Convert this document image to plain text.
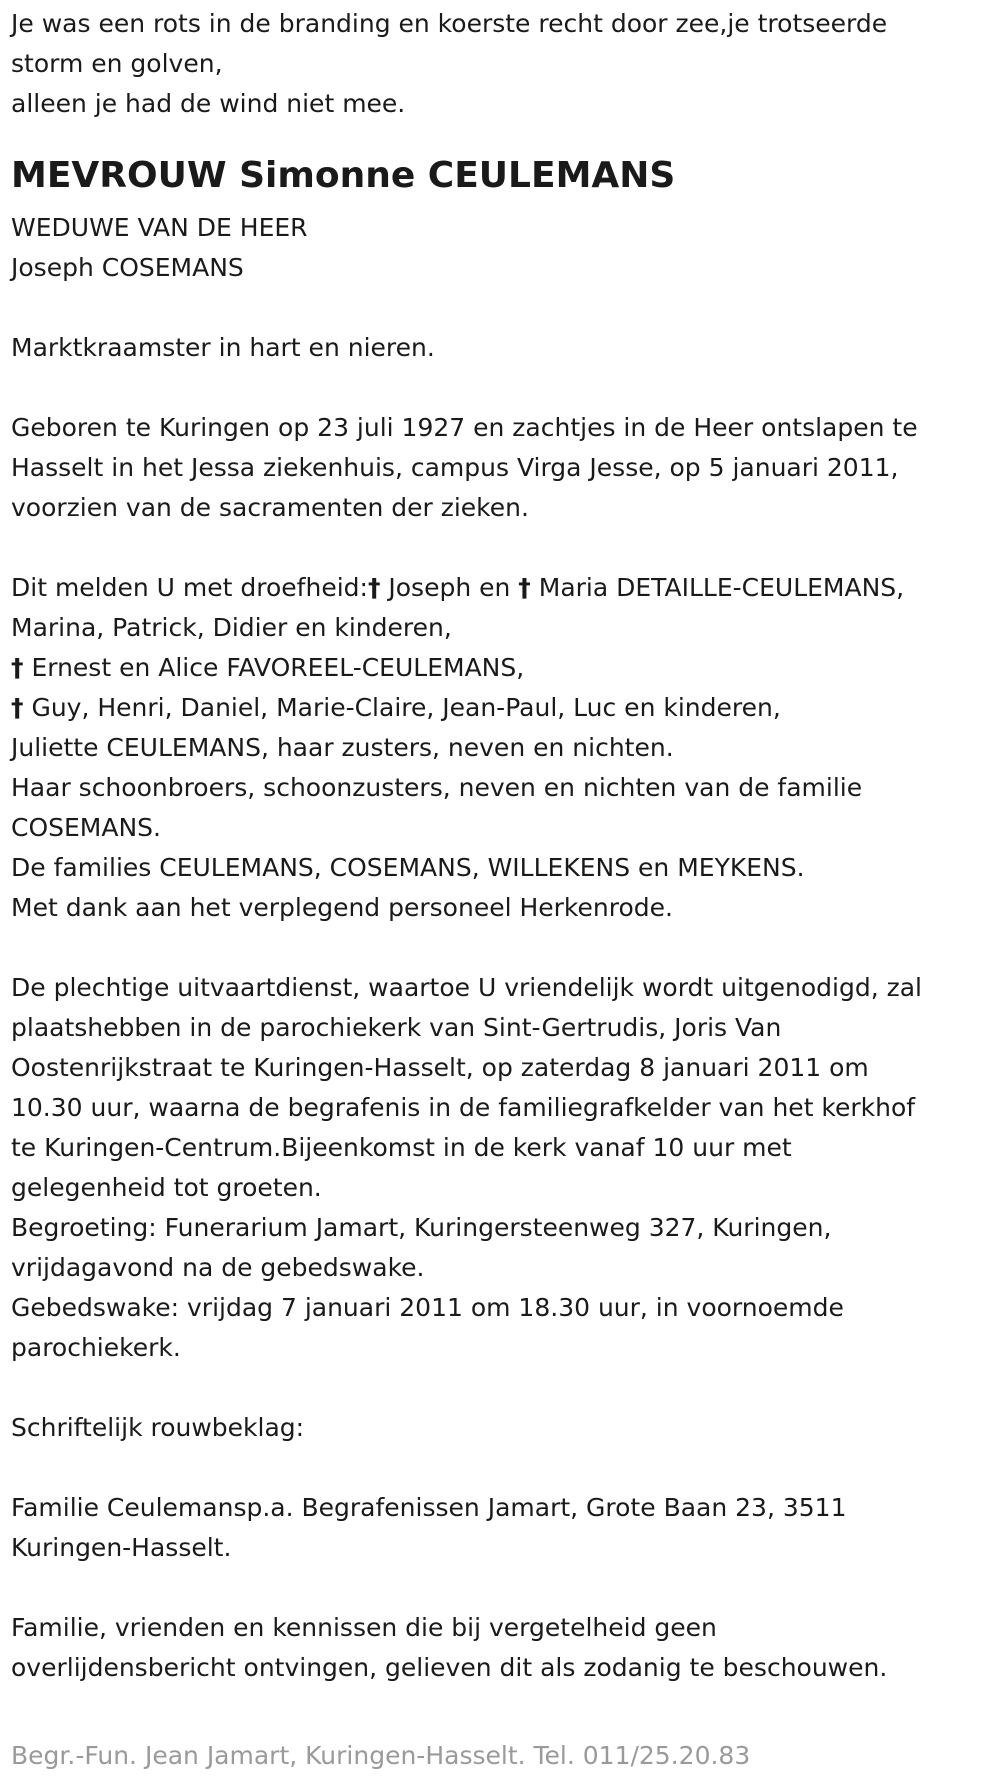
Je was een rots in de branding en koerste recht door zee,je trotseerde
storm en golven,
alleen je had de wind niet mee.
MEVROUW Simonne CEULEMANS
WEDUWE VAN DE HEER
Joseph COSEMANS
Marktkraamster in hart en nieren.
Geboren te Kuringen op 23 juli 1927 en zachtjes in de Heer ontslapen te
Hasselt in het Jessa ziekenhuis, campus Virga Jesse, op 5 januari 2011,
voorzien van de sacramenten der zieken.
Dit melden U met droefheid:† Joseph en † Maria DETAILLE-CEULEMANS,
Marina, Patrick, Didier en kinderen,
† Ernest en Alice FAVOREEL-CEULEMANS,
† Guy, Henri, Daniel, Marie-Claire, Jean-Paul, Luc en kinderen,
Juliette CEULEMANS, haar zusters, neven en nichten.
Haar schoonbroers, schoonzusters, neven en nichten van de familie
COSEMANS.
De families CEULEMANS, COSEMANS, WILLEKENS en MEYKENS.
Met dank aan het verplegend personeel Herkenrode.
De plechtige uitvaartdienst, waartoe U vriendelijk wordt uitgenodigd, zal
plaatshebben in de parochiekerk van Sint-Gertrudis, Joris Van
Oostenrijkstraat te Kuringen-Hasselt, op zaterdag 8 januari 2011 om
10.30 uur, waarna de begrafenis in de familiegrafkelder van het kerkhof
te Kuringen-Centrum.Bijeenkomst in de kerk vanaf 10 uur met
gelegenheid tot groeten.
Begroeting: Funerarium Jamart, Kuringersteenweg 327, Kuringen,
vrijdagavond na de gebedswake.
Gebedswake: vrijdag 7 januari 2011 om 18.30 uur, in voornoemde
parochiekerk.
Schriftelijk rouwbeklag:
Familie Ceulemansp.a. Begrafenissen Jamart, Grote Baan 23, 3511
Kuringen-Hasselt.
Familie, vrienden en kennissen die bij vergetelheid geen
overlijdensbericht ontvingen, gelieven dit als zodanig te beschouwen.
Begr.-Fun. Jean Jamart, Kuringen-Hasselt. Tel. 011/25.20.83
